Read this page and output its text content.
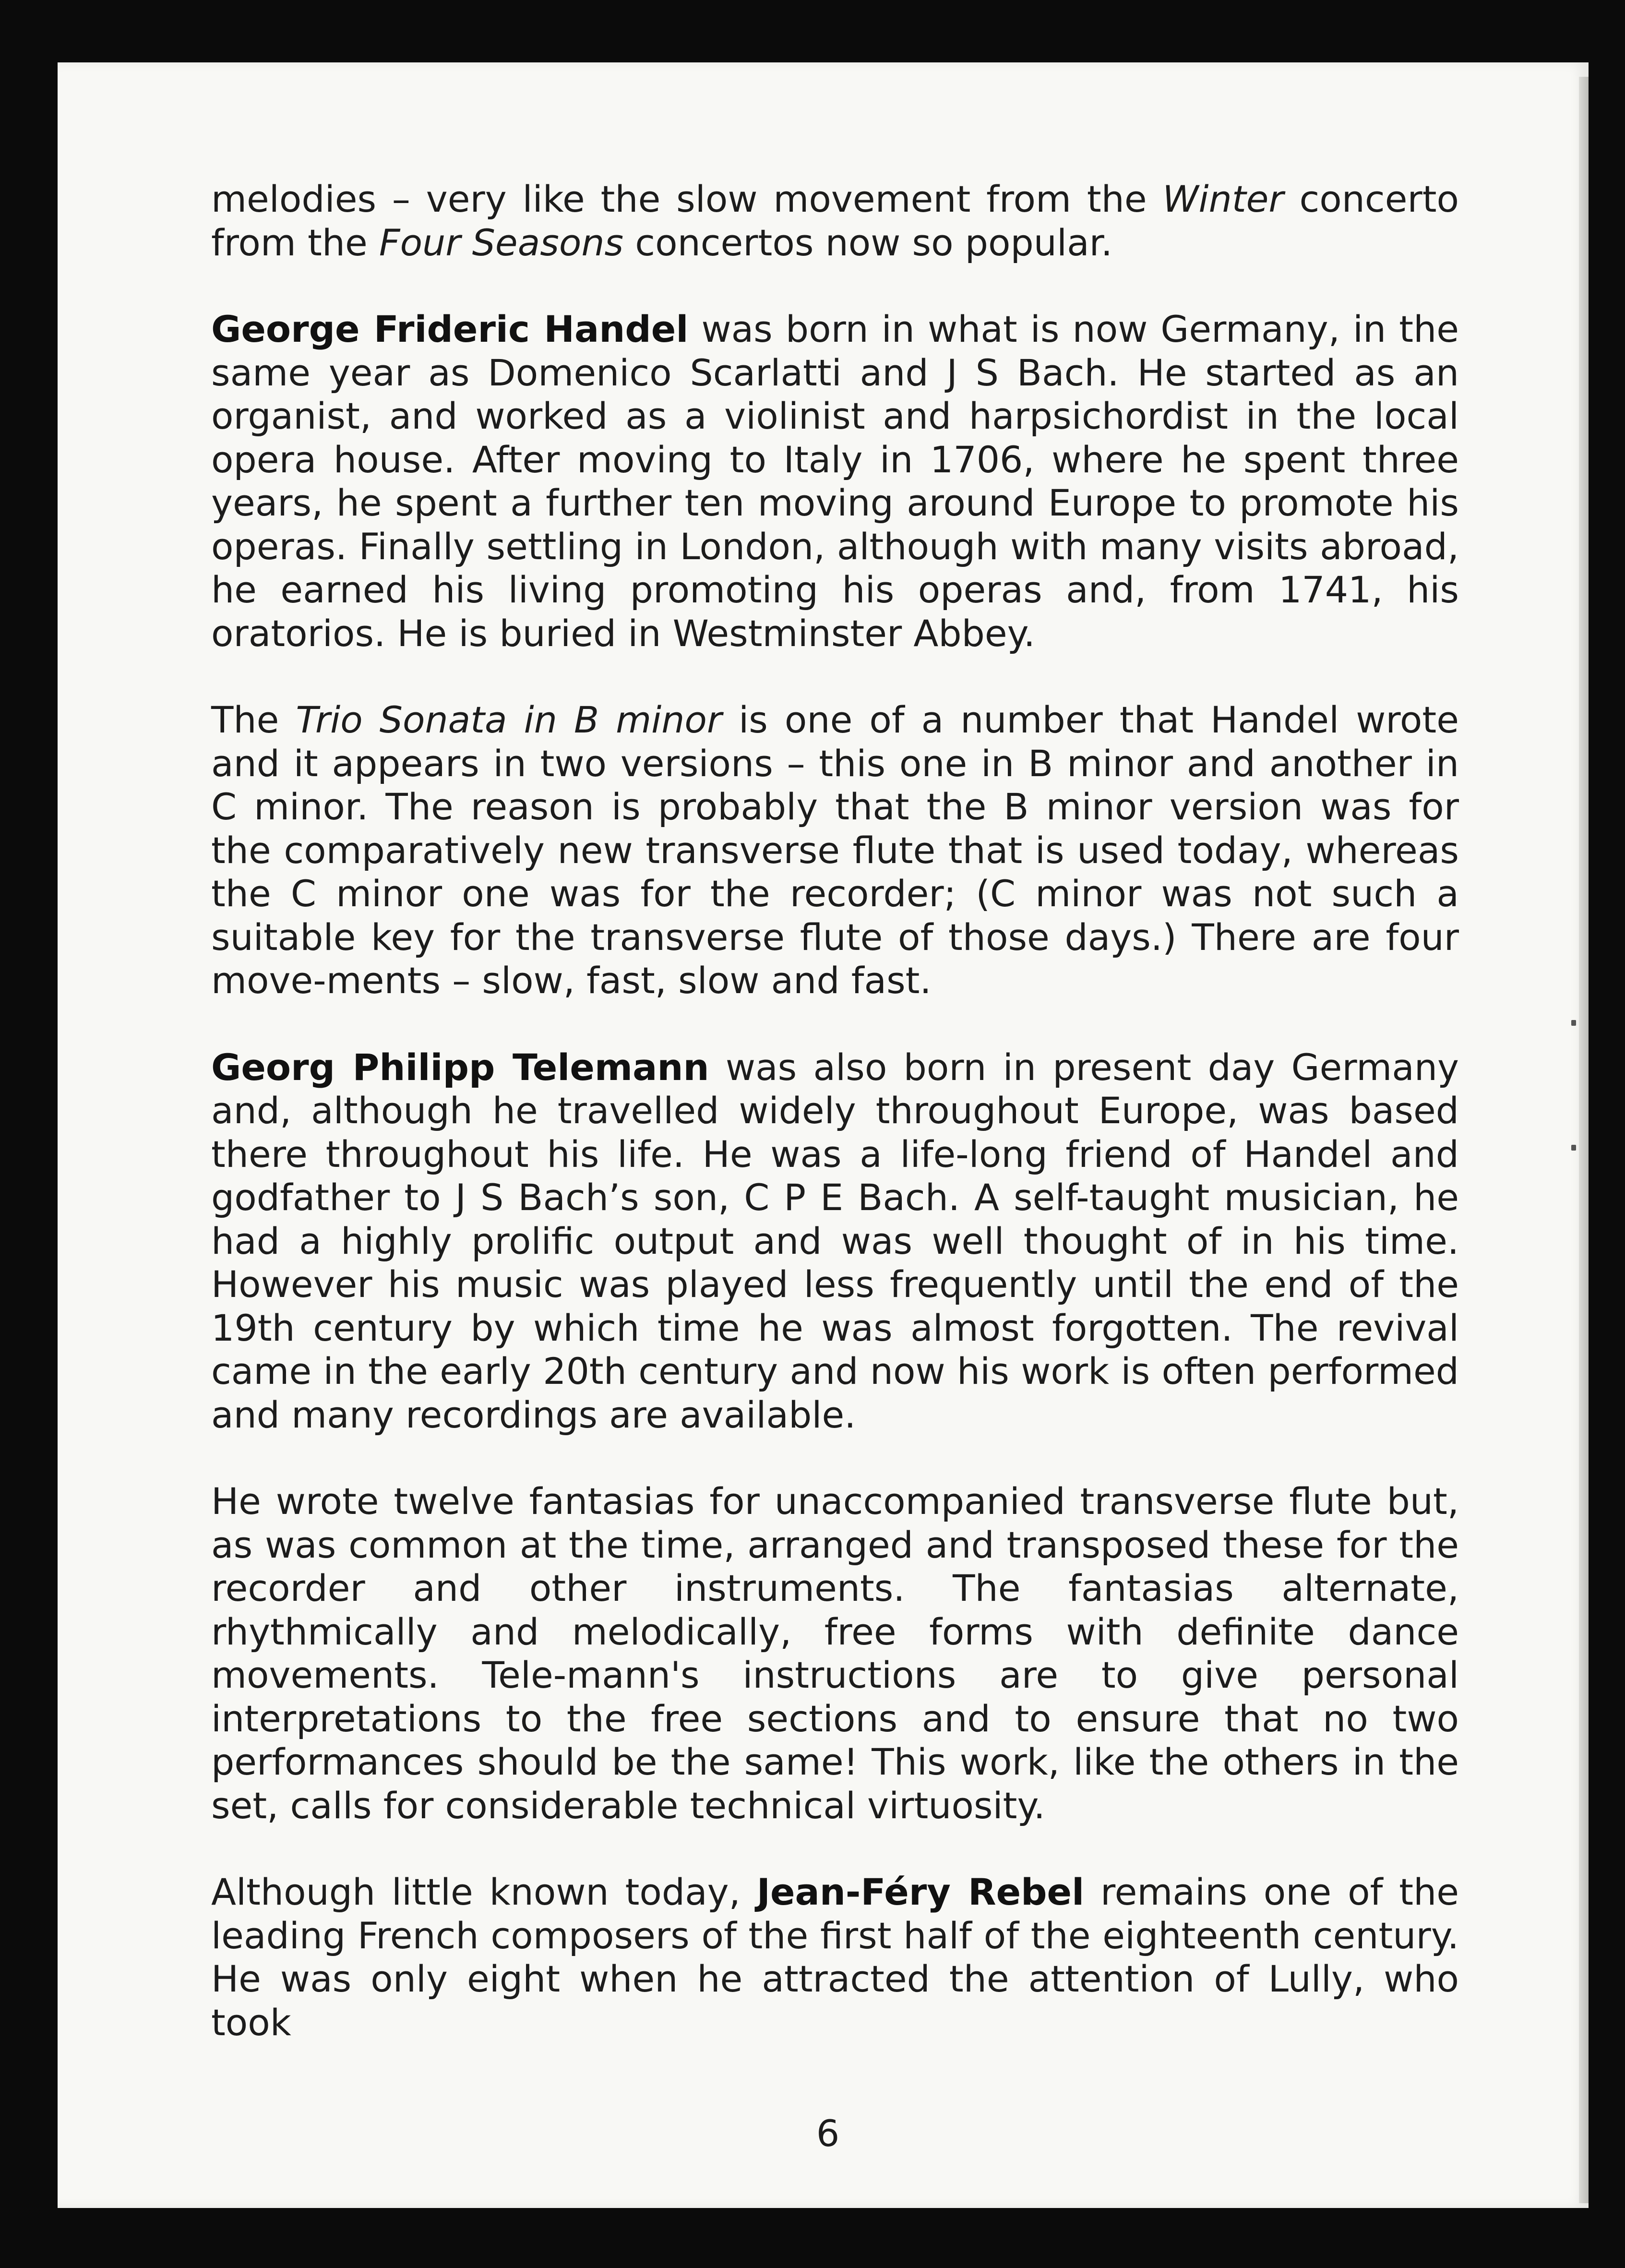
melodies – very like the slow movement from the Winter concerto from the Four Seasons concertos now so popular.

George Frideric Handel was born in what is now Germany, in the same year as Domenico Scarlatti and J S Bach. He started as an organist, and worked as a violinist and harpsichordist in the local opera house. After moving to Italy in 1706, where he spent three years, he spent a further ten moving around Europe to promote his operas. Finally settling in London, although with many visits abroad, he earned his living promoting his operas and, from 1741, his oratorios. He is buried in Westminster Abbey.

The Trio Sonata in B minor is one of a number that Handel wrote and it appears in two versions – this one in B minor and another in C minor. The reason is probably that the B minor version was for the comparatively new transverse flute that is used today, whereas the C minor one was for the recorder; (C minor was not such a suitable key for the transverse flute of those days.) There are four move-ments – slow, fast, slow and fast.

Georg Philipp Telemann was also born in present day Germany and, although he travelled widely throughout Europe, was based there throughout his life. He was a life-long friend of Handel and godfather to J S Bach’s son, C P E Bach. A self-taught musician, he had a highly prolific output and was well thought of in his time. However his music was played less frequently until the end of the 19th century by which time he was almost forgotten. The revival came in the early 20th century and now his work is often performed and many recordings are available.

He wrote twelve fantasias for unaccompanied transverse flute but, as was common at the time, arranged and transposed these for the recorder and other instruments. The fantasias alternate, rhythmically and melodically, free forms with definite dance movements. Tele-mann's instructions are to give personal interpretations to the free sections and to ensure that no two performances should be the same! This work, like the others in the set, calls for considerable technical virtuosity.

Although little known today, Jean-Féry Rebel remains one of the leading French composers of the first half of the eighteenth century. He was only eight when he attracted the attention of Lully, who took

6
